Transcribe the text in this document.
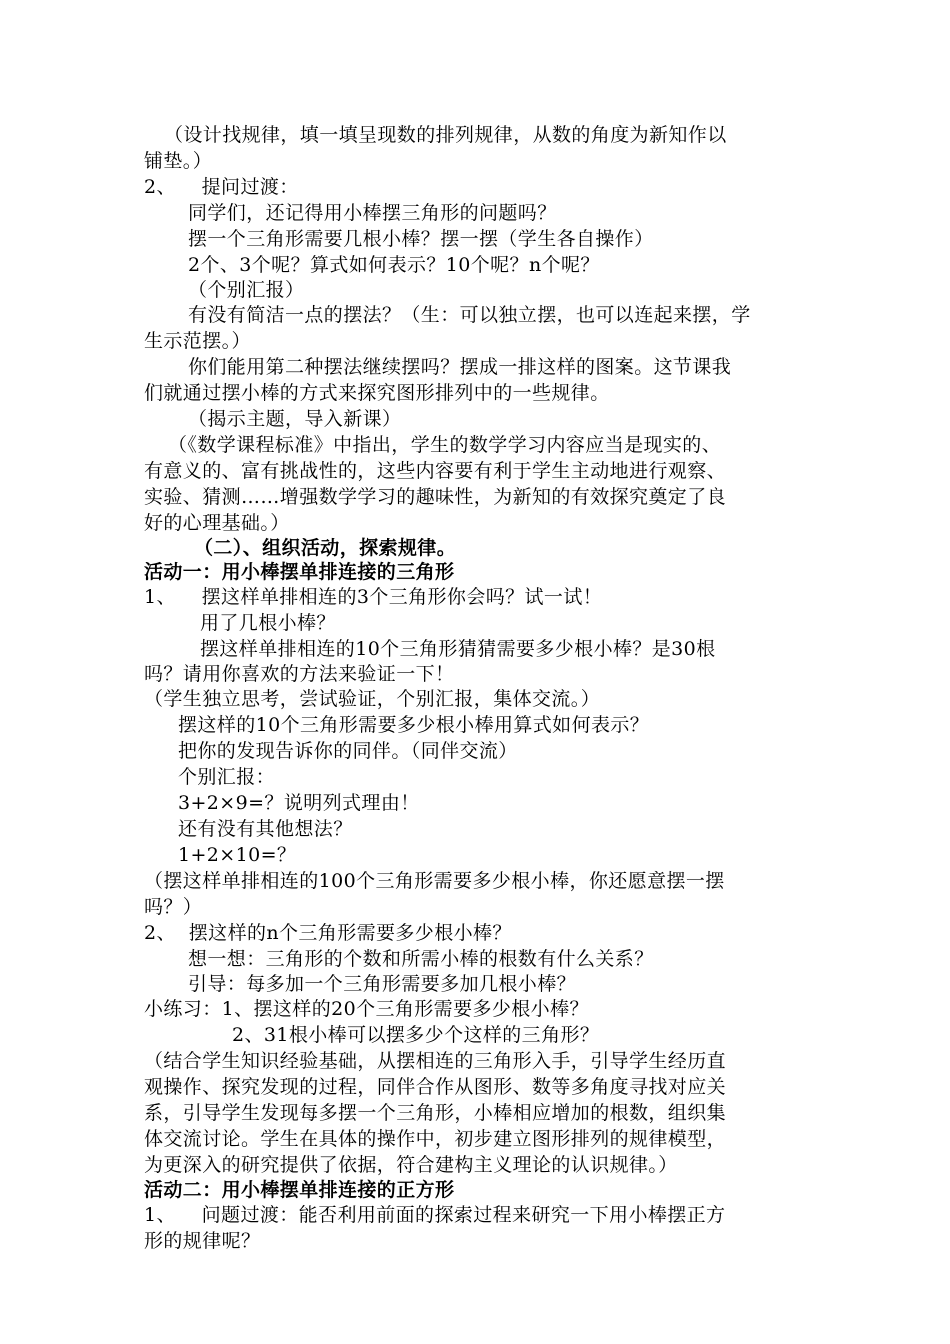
（设计找规律，填一填呈现数的排列规律，从数的角度为新知作以
铺垫。）
2、    提问过渡：
同学们，还记得用小棒摆三角形的问题吗？
摆一个三角形需要几根小棒？摆一摆（学生各自操作）
2个、3个呢？算式如何表示？10个呢？n个呢？
（个别汇报）
有没有简洁一点的摆法？（生：可以独立摆，也可以连起来摆，学
生示范摆。）
你们能用第二种摆法继续摆吗？摆成一排这样的图案。这节课我
们就通过摆小棒的方式来探究图形排列中的一些规律。
（揭示主题，导入新课）
（《数学课程标准》中指出，学生的数学学习内容应当是现实的、
有意义的、富有挑战性的，这些内容要有利于学生主动地进行观察、
实验、猜测……增强数学学习的趣味性，为新知的有效探究奠定了良
好的心理基础。）
（二）、组织活动，探索规律。
活动一：用小棒摆单排连接的三角形
1、    摆这样单排相连的3个三角形你会吗？试一试！
用了几根小棒？
摆这样单排相连的10个三角形猜猜需要多少根小棒？是30根
吗？请用你喜欢的方法来验证一下！
（学生独立思考，尝试验证，个别汇报，集体交流。）
摆这样的10个三角形需要多少根小棒用算式如何表示？
把你的发现告诉你的同伴。（同伴交流）
个别汇报：
3+2×9=？说明列式理由！
还有没有其他想法？
1+2×10=？
（摆这样单排相连的100个三角形需要多少根小棒，你还愿意摆一摆
吗？）
2、  摆这样的n个三角形需要多少根小棒？
想一想：三角形的个数和所需小棒的根数有什么关系？
引导：每多加一个三角形需要多加几根小棒？
小练习：1、摆这样的20个三角形需要多少根小棒？
2、31根小棒可以摆多少个这样的三角形？
（结合学生知识经验基础，从摆相连的三角形入手，引导学生经历直
观操作、探究发现的过程，同伴合作从图形、数等多角度寻找对应关
系，引导学生发现每多摆一个三角形，小棒相应增加的根数，组织集
体交流讨论。学生在具体的操作中，初步建立图形排列的规律模型，
为更深入的研究提供了依据，符合建构主义理论的认识规律。）
活动二：用小棒摆单排连接的正方形
1、    问题过渡：能否利用前面的探索过程来研究一下用小棒摆正方
形的规律呢？
